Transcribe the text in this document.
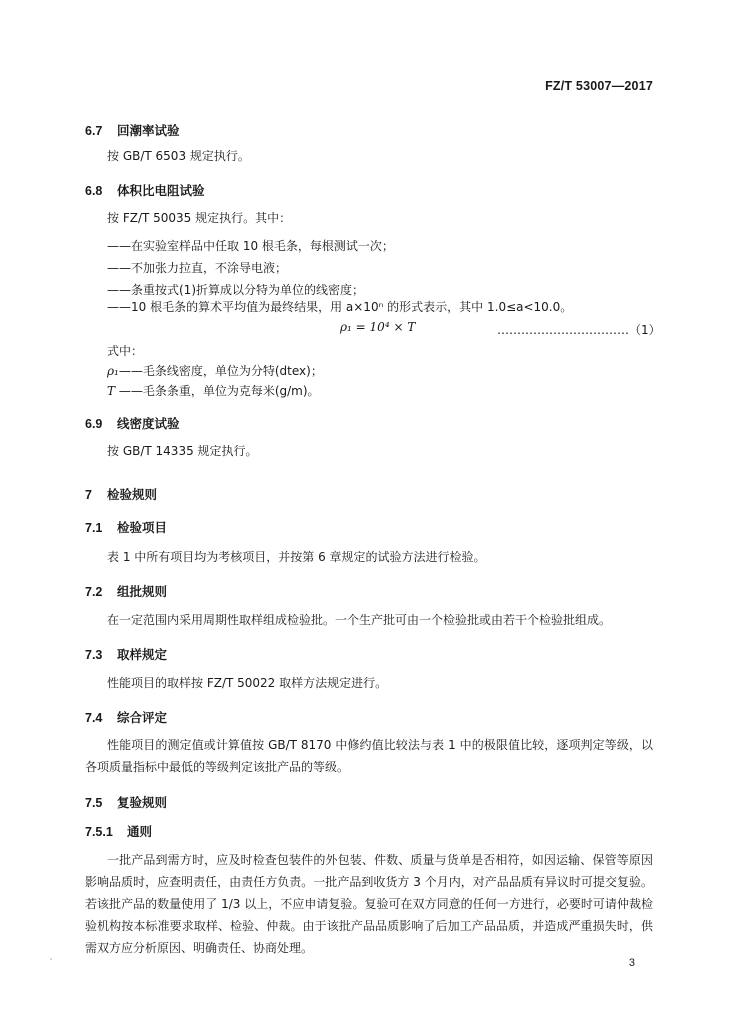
FZ/T 53007—2017
6.7 回潮率试验
按 GB/T 6503 规定执行。
6.8 体积比电阻试验
按 FZ/T 50035 规定执行。其中：
——在实验室样品中任取 10 根毛条，每根测试一次；
——不加张力拉直，不涂导电液；
——条重按式(1)折算成以分特为单位的线密度；
——10 根毛条的算术平均值为最终结果，用 a×10ⁿ 的形式表示，其中 1.0≤a<10.0。
ρ₁ = 10⁴ × T	……………………………（1）
式中：
ρ₁——毛条线密度，单位为分特(dtex)；
T ——毛条条重，单位为克每米(g/m)。
6.9 线密度试验
按 GB/T 14335 规定执行。
7 检验规则
7.1 检验项目
表 1 中所有项目均为考核项目，并按第 6 章规定的试验方法进行检验。
7.2 组批规则
在一定范围内采用周期性取样组成检验批。一个生产批可由一个检验批或由若干个检验批组成。
7.3 取样规定
性能项目的取样按 FZ/T 50022 取样方法规定进行。
7.4 综合评定
性能项目的测定值或计算值按 GB/T 8170 中修约值比较法与表 1 中的极限值比较，逐项判定等级，以各项质量指标中最低的等级判定该批产品的等级。
7.5 复验规则
7.5.1 通则
一批产品到需方时，应及时检查包装件的外包装、件数、质量与货单是否相符，如因运输、保管等原因影响品质时，应查明责任，由责任方负责。一批产品到收货方 3 个月内，对产品品质有异议时可提交复验。若该批产品的数量使用了 1/3 以上，不应申请复验。复验可在双方同意的任何一方进行，必要时可请仲裁检验机构按本标准要求取样、检验、仲裁。由于该批产品品质影响了后加工产品品质，并造成严重损失时，供需双方应分析原因、明确责任、协商处理。
3
